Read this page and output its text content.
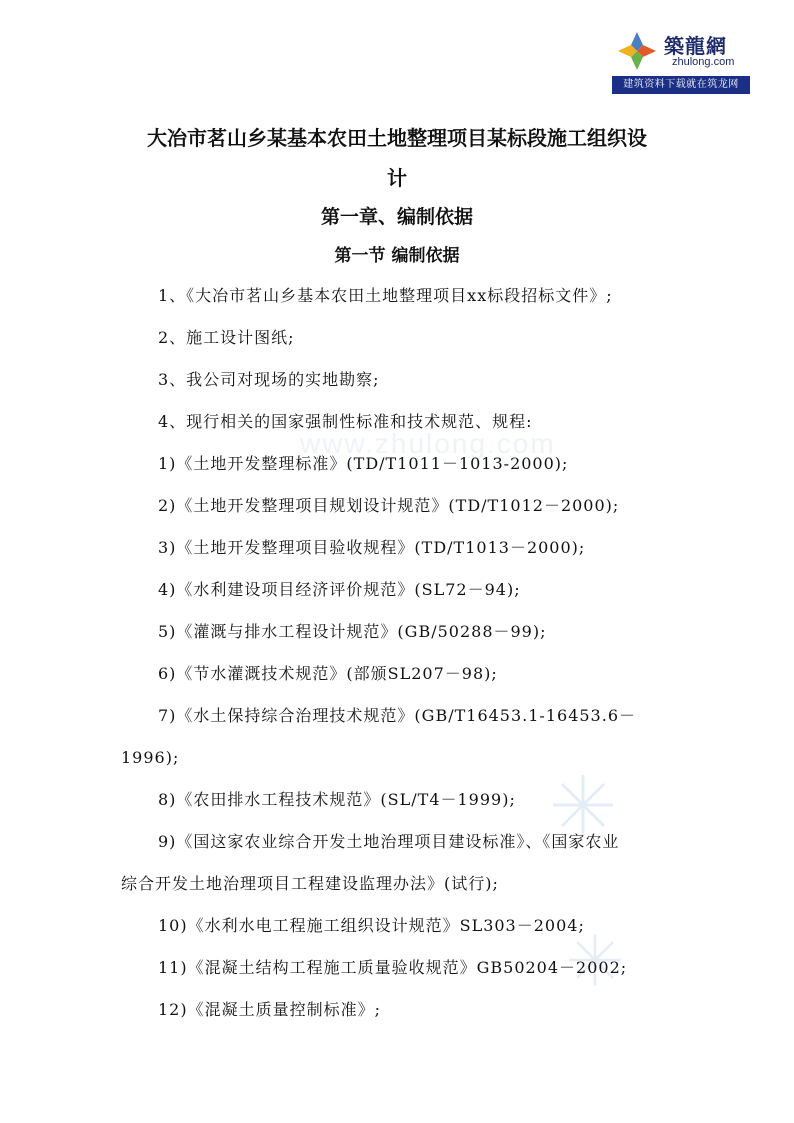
築龍網
zhulong.com
建筑资料下载就在筑龙网
www.zhulong.com
大冶市茗山乡某基本农田土地整理项目某标段施工组织设
计
第一章、编制依据
第一节 编制依据
1、《大冶市茗山乡基本农田土地整理项目xx标段招标文件》;
2、施工设计图纸;
3、我公司对现场的实地勘察;
4、现行相关的国家强制性标准和技术规范、规程:
1)《土地开发整理标准》(TD/T1011－1013-2000);
2)《土地开发整理项目规划设计规范》(TD/T1012－2000);
3)《土地开发整理项目验收规程》(TD/T1013－2000);
4)《水利建设项目经济评价规范》(SL72－94);
5)《灌溉与排水工程设计规范》(GB/50288－99);
6)《节水灌溉技术规范》(部颁SL207－98);
7)《水土保持综合治理技术规范》(GB/T16453.1-16453.6－
1996);
8)《农田排水工程技术规范》(SL/T4－1999);
9)《国这家农业综合开发土地治理项目建设标准》、《国家农业
综合开发土地治理项目工程建设监理办法》(试行);
10)《水利水电工程施工组织设计规范》SL303－2004;
11)《混凝土结构工程施工质量验收规范》GB50204－2002;
12)《混凝土质量控制标准》;
